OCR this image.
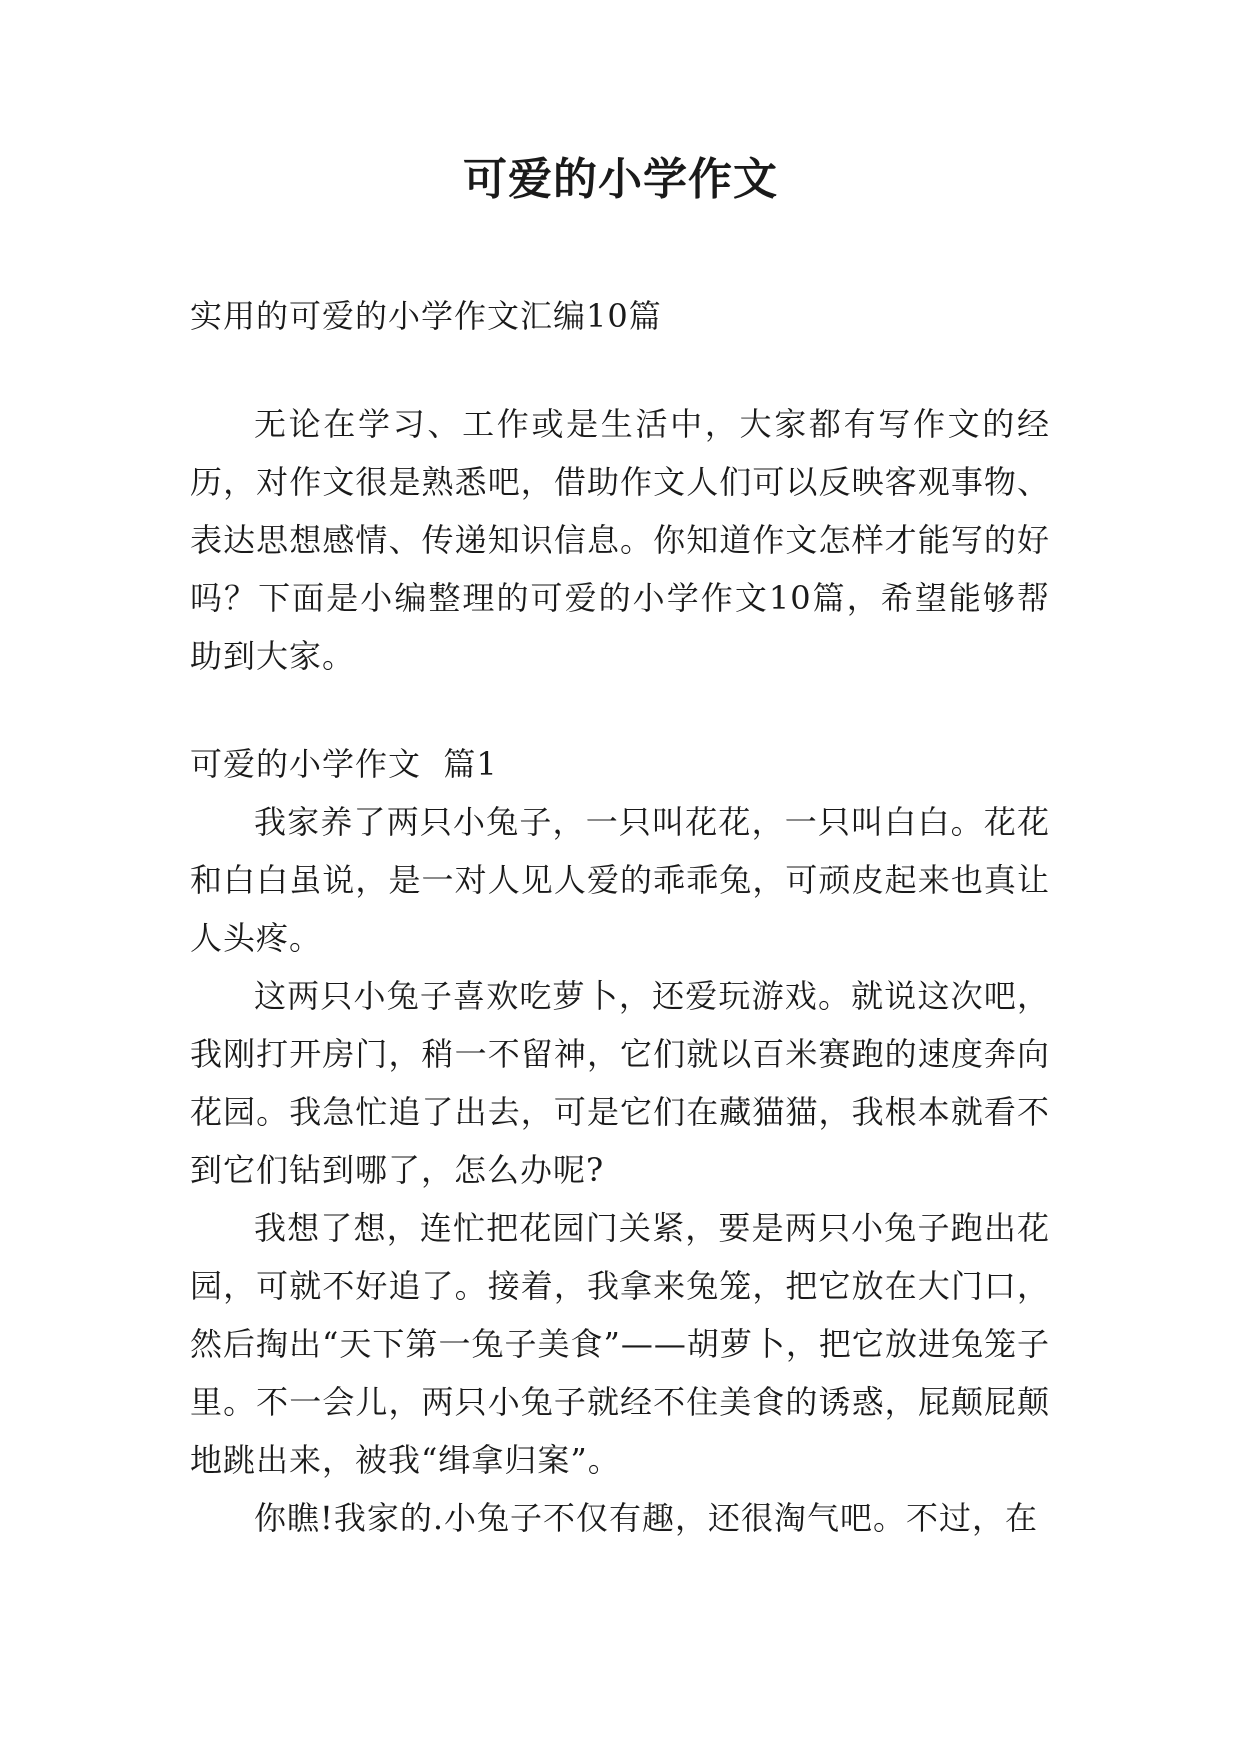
可爱的小学作文

实用的可爱的小学作文汇编10篇

无论在学习、工作或是生活中，大家都有写作文的经历，对作文很是熟悉吧，借助作文人们可以反映客观事物、表达思想感情、传递知识信息。你知道作文怎样才能写的好吗？下面是小编整理的可爱的小学作文10篇，希望能够帮助到大家。

可爱的小学作文  篇1

我家养了两只小兔子，一只叫花花，一只叫白白。花花和白白虽说，是一对人见人爱的乖乖兔，可顽皮起来也真让人头疼。

这两只小兔子喜欢吃萝卜，还爱玩游戏。就说这次吧，我刚打开房门，稍一不留神，它们就以百米赛跑的速度奔向花园。我急忙追了出去，可是它们在藏猫猫，我根本就看不到它们钻到哪了，怎么办呢?

我想了想，连忙把花园门关紧，要是两只小兔子跑出花园，可就不好追了。接着，我拿来兔笼，把它放在大门口，然后掏出“天下第一兔子美食”——胡萝卜，把它放进兔笼子里。不一会儿，两只小兔子就经不住美食的诱惑，屁颠屁颠地跳出来，被我“缉拿归案”。

你瞧!我家的.小兔子不仅有趣，还很淘气吧。不过，在
